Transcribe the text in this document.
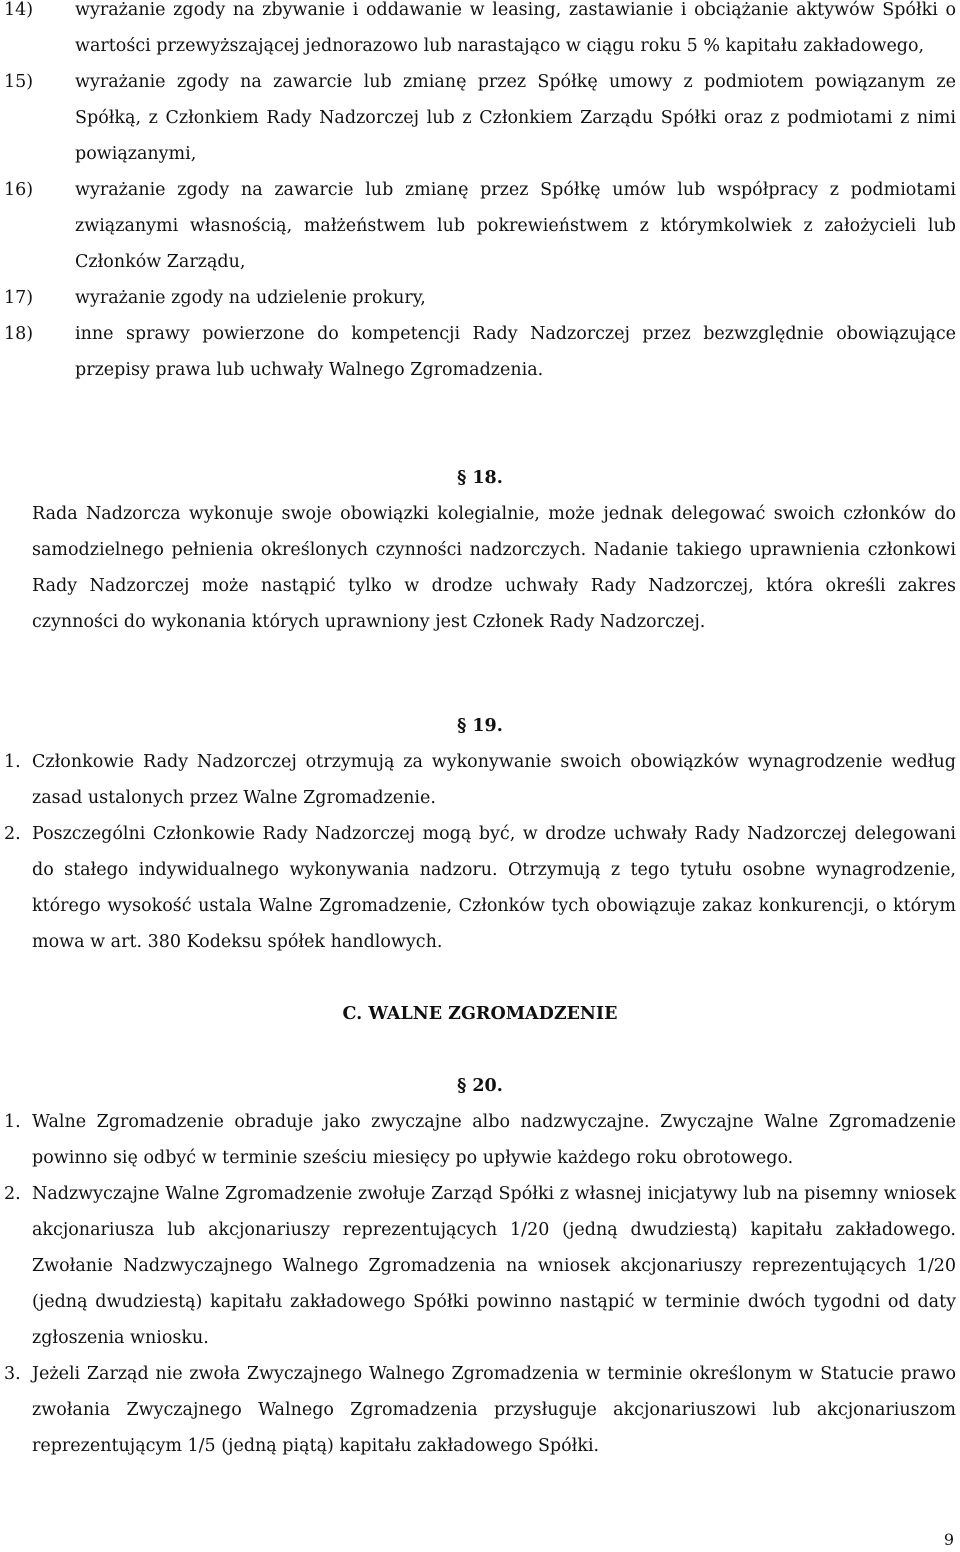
14) wyrażanie zgody na zbywanie i oddawanie w leasing, zastawianie i obciążanie aktywów Spółki o wartości przewyższającej jednorazowo lub narastająco w ciągu roku 5 % kapitału zakładowego,

15) wyrażanie zgody na zawarcie lub zmianę przez Spółkę umowy z podmiotem powiązanym ze Spółką, z Członkiem Rady Nadzorczej lub z Członkiem Zarządu Spółki oraz z podmiotami z nimi powiązanymi,

16) wyrażanie zgody na zawarcie lub zmianę przez Spółkę umów lub współpracy z podmiotami związanymi własnością, małżeństwem lub pokrewieństwem z którymkolwiek z założycieli lub Członków Zarządu,

17) wyrażanie zgody na udzielenie prokury,

18) inne sprawy powierzone do kompetencji Rady Nadzorczej przez bezwzględnie obowiązujące przepisy prawa lub uchwały Walnego Zgromadzenia.

§ 18.

Rada Nadzorcza wykonuje swoje obowiązki kolegialnie, może jednak delegować swoich członków do samodzielnego pełnienia określonych czynności nadzorczych. Nadanie takiego uprawnienia członkowi Rady Nadzorczej może nastąpić tylko w drodze uchwały Rady Nadzorczej, która określi zakres czynności do wykonania których uprawniony jest Członek Rady Nadzorczej.

§ 19.

1. Członkowie Rady Nadzorczej otrzymują za wykonywanie swoich obowiązków wynagrodzenie według zasad ustalonych przez Walne Zgromadzenie.

2. Poszczególni Członkowie Rady Nadzorczej mogą być, w drodze uchwały Rady Nadzorczej delegowani do stałego indywidualnego wykonywania nadzoru. Otrzymują z tego tytułu osobne wynagrodzenie, którego wysokość ustala Walne Zgromadzenie, Członków tych obowiązuje zakaz konkurencji, o którym mowa w art. 380 Kodeksu spółek handlowych.

C. WALNE ZGROMADZENIE

§ 20.

1. Walne Zgromadzenie obraduje jako zwyczajne albo nadzwyczajne. Zwyczajne Walne Zgromadzenie powinno się odbyć w terminie sześciu miesięcy po upływie każdego roku obrotowego.

2. Nadzwyczajne Walne Zgromadzenie zwołuje Zarząd Spółki z własnej inicjatywy lub na pisemny wniosek akcjonariusza lub akcjonariuszy reprezentujących 1/20 (jedną dwudziestą) kapitału zakładowego. Zwołanie Nadzwyczajnego Walnego Zgromadzenia na wniosek akcjonariuszy reprezentujących 1/20 (jedną dwudziestą) kapitału zakładowego Spółki powinno nastąpić w terminie dwóch tygodni od daty zgłoszenia wniosku.

3. Jeżeli Zarząd nie zwoła Zwyczajnego Walnego Zgromadzenia w terminie określonym w Statucie prawo zwołania Zwyczajnego Walnego Zgromadzenia przysługuje akcjonariuszowi lub akcjonariuszom reprezentującym 1/5 (jedną piątą) kapitału zakładowego Spółki.

9
